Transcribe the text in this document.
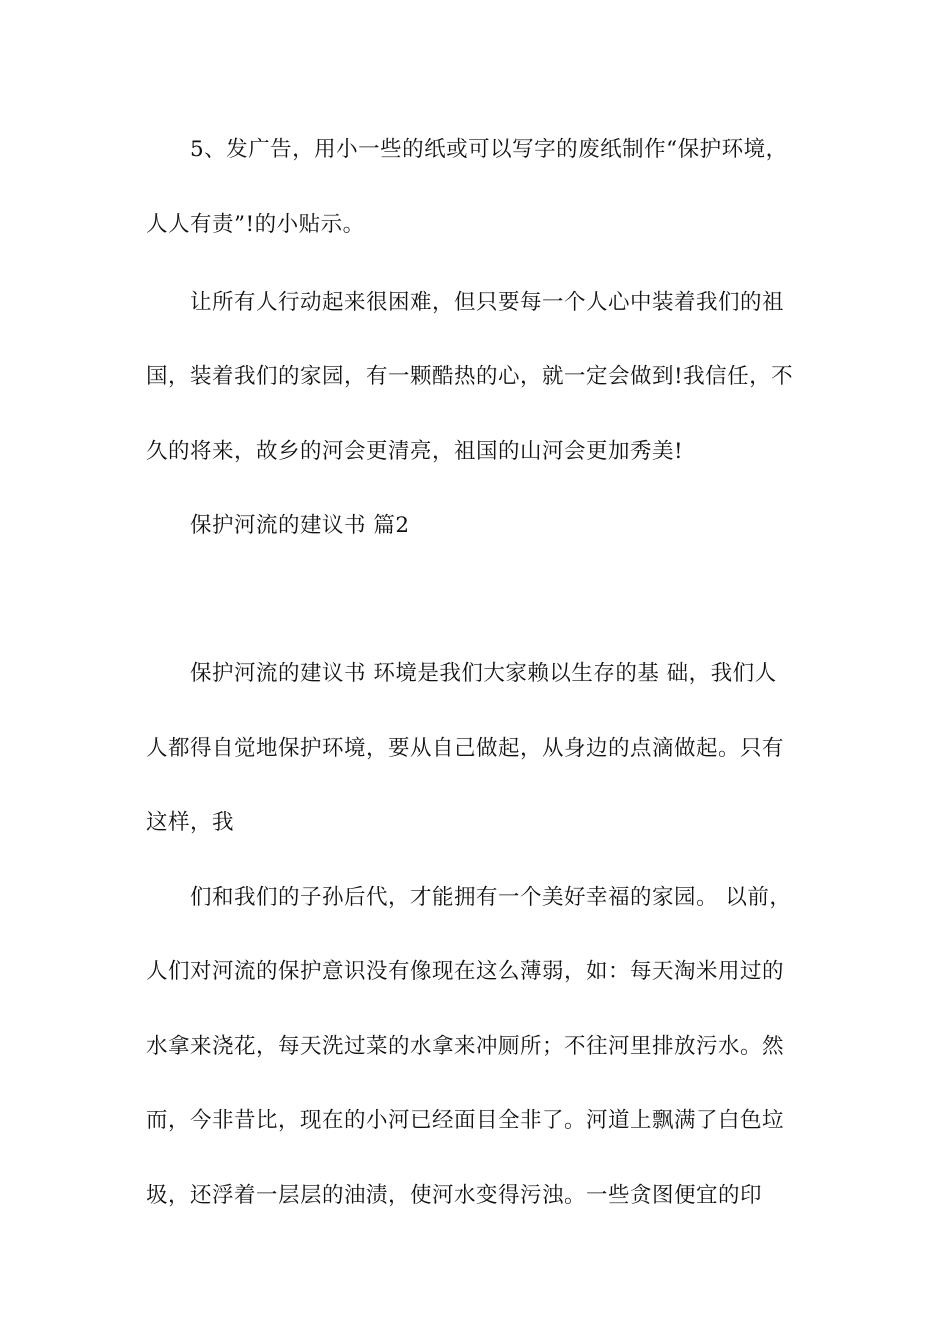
5、发广告，用小一些的纸或可以写字的废纸制作“保护环境，
人人有责”!的小贴示。
让所有人行动起来很困难，但只要每一个人心中装着我们的祖
国，装着我们的家园，有一颗酷热的心，就一定会做到!我信任，不
久的将来，故乡的河会更清亮，祖国的山河会更加秀美!
保护河流的建议书 篇2
保护河流的建议书 环境是我们大家赖以生存的基 础，我们人
人都得自觉地保护环境，要从自己做起，从身边的点滴做起。只有
这样，我
们和我们的子孙后代，才能拥有一个美好幸福的家园。 以前，
人们对河流的保护意识没有像现在这么薄弱，如：每天淘米用过的
水拿来浇花，每天洗过菜的水拿来冲厕所；不往河里排放污水。然
而，今非昔比，现在的小河已经面目全非了。河道上飘满了白色垃
圾，还浮着一层层的油渍，使河水变得污浊。一些贪图便宜的印
